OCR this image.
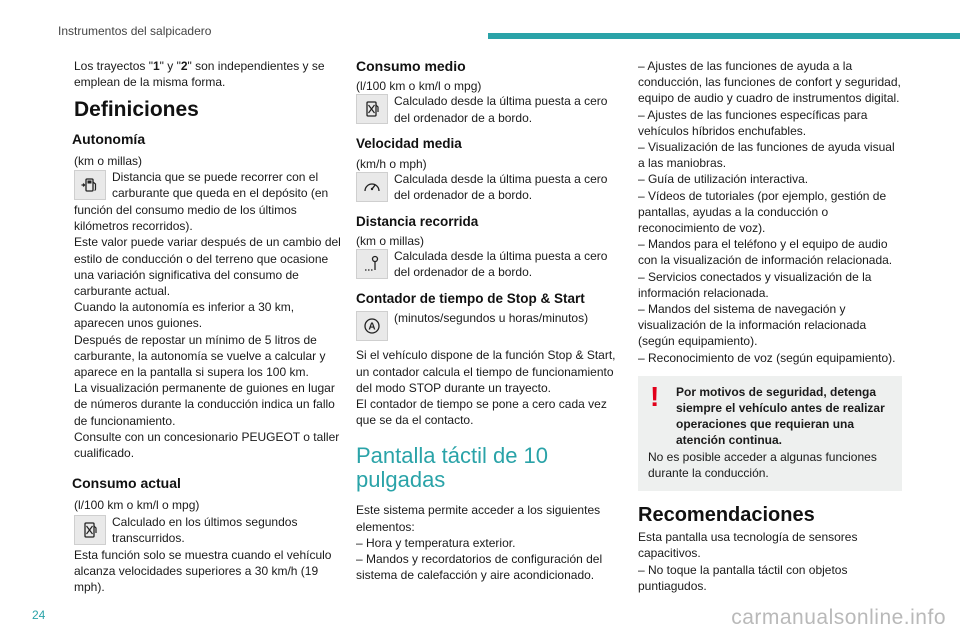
Instrumentos del salpicadero

Los trayectos "1" y "2" son independientes y se emplean de la misma forma.

Definiciones
Autonomía

(km o millas)

Distancia que se puede recorrer con el carburante que queda en el depósito (en

función del consumo medio de los últimos kilómetros recorridos).

Este valor puede variar después de un cambio del estilo de conducción o del terreno que ocasione una variación significativa del consumo de carburante actual.

Cuando la autonomía es inferior a 30 km, aparecen unos guiones.

Después de repostar un mínimo de 5 litros de carburante, la autonomía se vuelve a calcular y aparece en la pantalla si supera los 100 km.

La visualización permanente de guiones en lugar de números durante la conducción indica un fallo de funcionamiento.

Consulte con un concesionario PEUGEOT o taller cualificado.

Consumo actual

(l/100 km o km/l o mpg)

Calculado en los últimos segundos transcurridos.

Esta función solo se muestra cuando el vehículo alcanza velocidades superiores a 30 km/h (19 mph).

Consumo medio

(l/100 km o km/l o mpg)

Calculado desde la última puesta a cero del ordenador de a bordo.
Velocidad media

(km/h o mph)

Calculada desde la última puesta a cero del ordenador de a bordo.
Distancia recorrida

(km o millas)

Calculada desde la última puesta a cero del ordenador de a bordo.
Contador de tiempo de Stop & Start
A
(minutos/segundos u horas/minutos)

Si el vehículo dispone de la función Stop & Start, un contador calcula el tiempo de funcionamiento del modo STOP durante un trayecto.

El contador de tiempo se pone a cero cada vez que se da el contacto.

Pantalla táctil de 10 pulgadas

Este sistema permite acceder a los siguientes elementos:

– Hora y temperatura exterior.

– Mandos y recordatorios de configuración del sistema de calefacción y aire acondicionado.

– Ajustes de las funciones de ayuda a la conducción, las funciones de confort y seguridad, equipo de audio y cuadro de instrumentos digital.

– Ajustes de las funciones específicas para vehículos híbridos enchufables.

– Visualización de las funciones de ayuda visual a las maniobras.

– Guía de utilización interactiva.

– Vídeos de tutoriales (por ejemplo, gestión de pantallas, ayudas a la conducción o reconocimiento de voz).

– Mandos para el teléfono y el equipo de audio con la visualización de información relacionada.

– Servicios conectados y visualización de la información relacionada.

– Mandos del sistema de navegación y visualización de la información relacionada (según equipamiento).

– Reconocimiento de voz (según equipamiento).

!	Por motivos de seguridad, detenga siempre el vehículo antes de realizar operaciones que requieran una atención continua.

No es posible acceder a algunas funciones durante la conducción.

Recomendaciones

Esta pantalla usa tecnología de sensores capacitivos.

– No toque la pantalla táctil con objetos puntiagudos.

24	carmanualsonline.info
